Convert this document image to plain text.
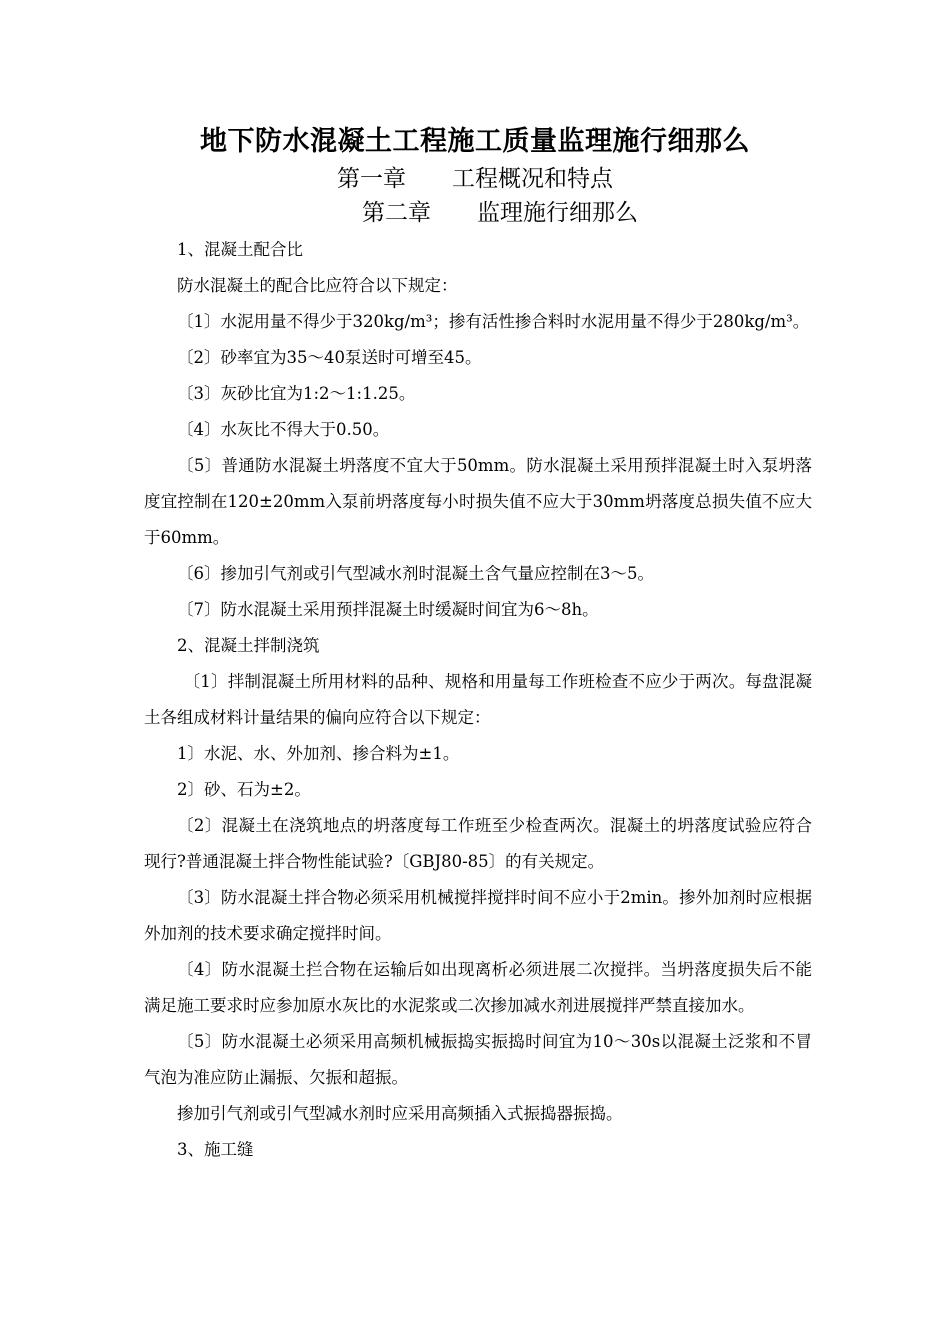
地下防水混凝土工程施工质量监理施行细那么
第一章　　工程概况和特点
第二章　　监理施行细那么

1、混凝土配合比

防水混凝土的配合比应符合以下规定：

〔1〕水泥用量不得少于320kg/m³；掺有活性掺合料时水泥用量不得少于280kg/m³。

〔2〕砂率宜为35～40泵送时可增至45。

〔3〕灰砂比宜为1:2～1:1.25。

〔4〕水灰比不得大于0.50。

〔5〕普通防水混凝土坍落度不宜大于50mm。防水混凝土采用预拌混凝土时入泵坍落度宜控制在120±20mm入泵前坍落度每小时损失值不应大于30mm坍落度总损失值不应大于60mm。

〔6〕掺加引气剂或引气型减水剂时混凝土含气量应控制在3～5。

〔7〕防水混凝土采用预拌混凝土时缓凝时间宜为6～8h。

2、混凝土拌制浇筑

〔1〕拌制混凝土所用材料的品种、规格和用量每工作班检查不应少于两次。每盘混凝土各组成材料计量结果的偏向应符合以下规定：

1〕水泥、水、外加剂、掺合料为±1。

2〕砂、石为±2。

〔2〕混凝土在浇筑地点的坍落度每工作班至少检查两次。混凝土的坍落度试验应符合现行?普通混凝土拌合物性能试验?〔GBJ80-85〕的有关规定。

〔3〕防水混凝土拌合物必须采用机械搅拌搅拌时间不应小于2min。掺外加剂时应根据外加剂的技术要求确定搅拌时间。

〔4〕防水混凝土拦合物在运输后如出现离析必须进展二次搅拌。当坍落度损失后不能满足施工要求时应参加原水灰比的水泥浆或二次掺加减水剂进展搅拌严禁直接加水。

〔5〕防水混凝土必须采用高频机械振捣实振捣时间宜为10～30s以混凝土泛浆和不冒气泡为准应防止漏振、欠振和超振。

掺加引气剂或引气型减水剂时应采用高频插入式振捣器振捣。

3、施工缝
